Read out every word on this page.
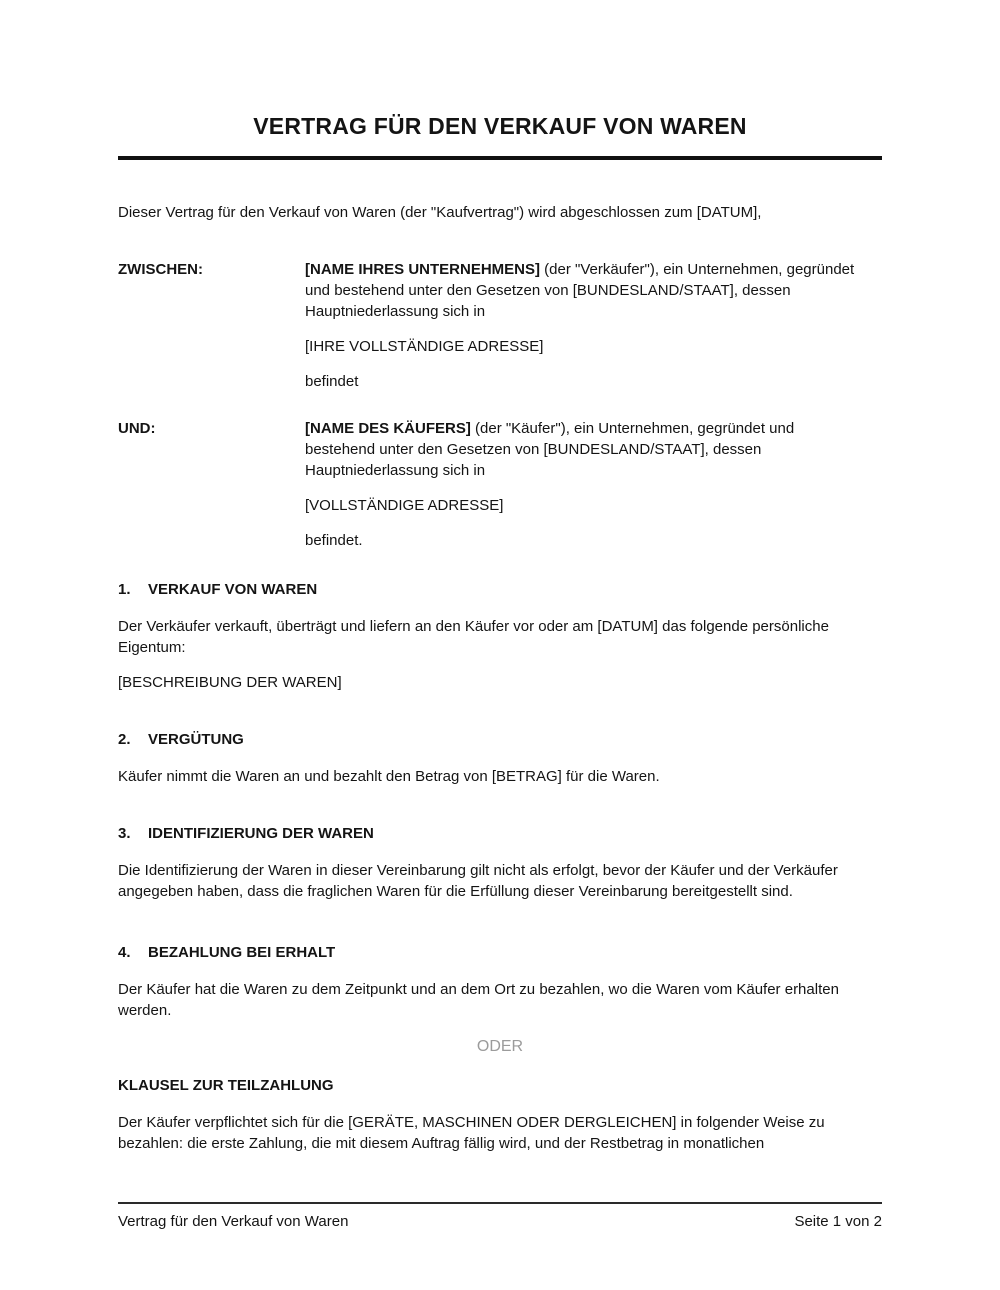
VERTRAG FÜR DEN VERKAUF VON WAREN

Dieser Vertrag für den Verkauf von Waren (der "Kaufvertrag") wird abgeschlossen zum [DATUM],

ZWISCHEN:	[NAME IHRES UNTERNEHMENS] (der "Verkäufer"), ein Unternehmen, gegründet und bestehend unter den Gesetzen von [BUNDESLAND/STAAT], dessen Hauptniederlassung sich in

[IHRE VOLLSTÄNDIGE ADRESSE]

befindet

UND:	[NAME DES KÄUFERS] (der "Käufer"), ein Unternehmen, gegründet und bestehend unter den Gesetzen von [BUNDESLAND/STAAT], dessen Hauptniederlassung sich in

[VOLLSTÄNDIGE ADRESSE]

befindet.

1.	VERKAUF VON WAREN

Der Verkäufer verkauft, überträgt und liefern an den Käufer vor oder am [DATUM] das folgende persönliche Eigentum:

[BESCHREIBUNG DER WAREN]

2.	VERGÜTUNG

Käufer nimmt die Waren an und bezahlt den Betrag von [BETRAG] für die Waren.

3.	IDENTIFIZIERUNG DER WAREN

Die Identifizierung der Waren in dieser Vereinbarung gilt nicht als erfolgt, bevor der Käufer und der Verkäufer angegeben haben, dass die fraglichen Waren für die Erfüllung dieser Vereinbarung bereitgestellt sind.

4.	BEZAHLUNG BEI ERHALT

Der Käufer hat die Waren zu dem Zeitpunkt und an dem Ort zu bezahlen, wo die Waren vom Käufer erhalten werden.

ODER
KLAUSEL ZUR TEILZAHLUNG

Der Käufer verpflichtet sich für die [GERÄTE, MASCHINEN ODER DERGLEICHEN] in folgender Weise zu bezahlen: die erste Zahlung, die mit diesem Auftrag fällig wird, und der Restbetrag in monatlichen

Vertrag für den Verkauf von Waren	Seite 1 von 2
